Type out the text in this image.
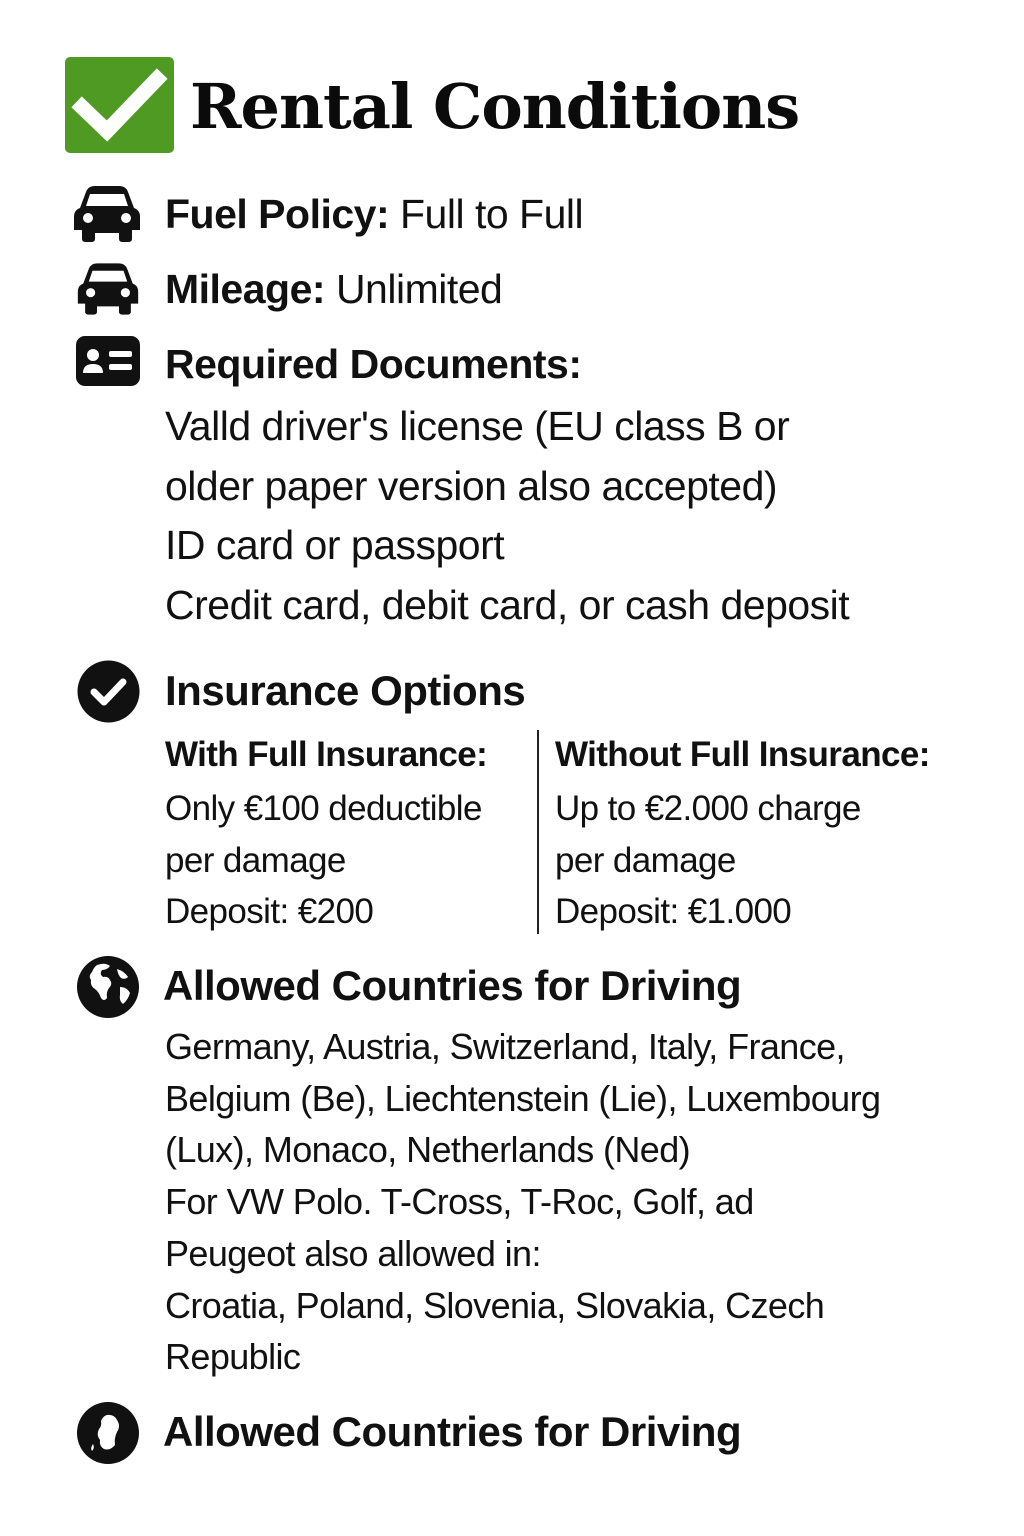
Rental Conditions
Fuel Policy: Full to Full
Mileage: Unlimited
Required Documents:
Valld driver's license (EU class B or
older paper version also accepted)
ID card or passport
Credit card, debit card, or cash deposit
Insurance Options
With Full Insurance:
Only €100 deductible
per damage
Deposit: €200
Without Full Insurance:
Up to €2.000 charge
per damage
Deposit: €1.000
Allowed Countries for Driving
Germany, Austria, Switzerland, Italy, France,
Belgium (Be), Liechtenstein (Lie), Luxembourg
(Lux), Monaco, Netherlands (Ned)
For VW Polo. T-Cross, T-Roc, Golf, ad
Peugeot also allowed in:
Croatia, Poland, Slovenia, Slovakia, Czech
Republic
Allowed Countries for Driving
